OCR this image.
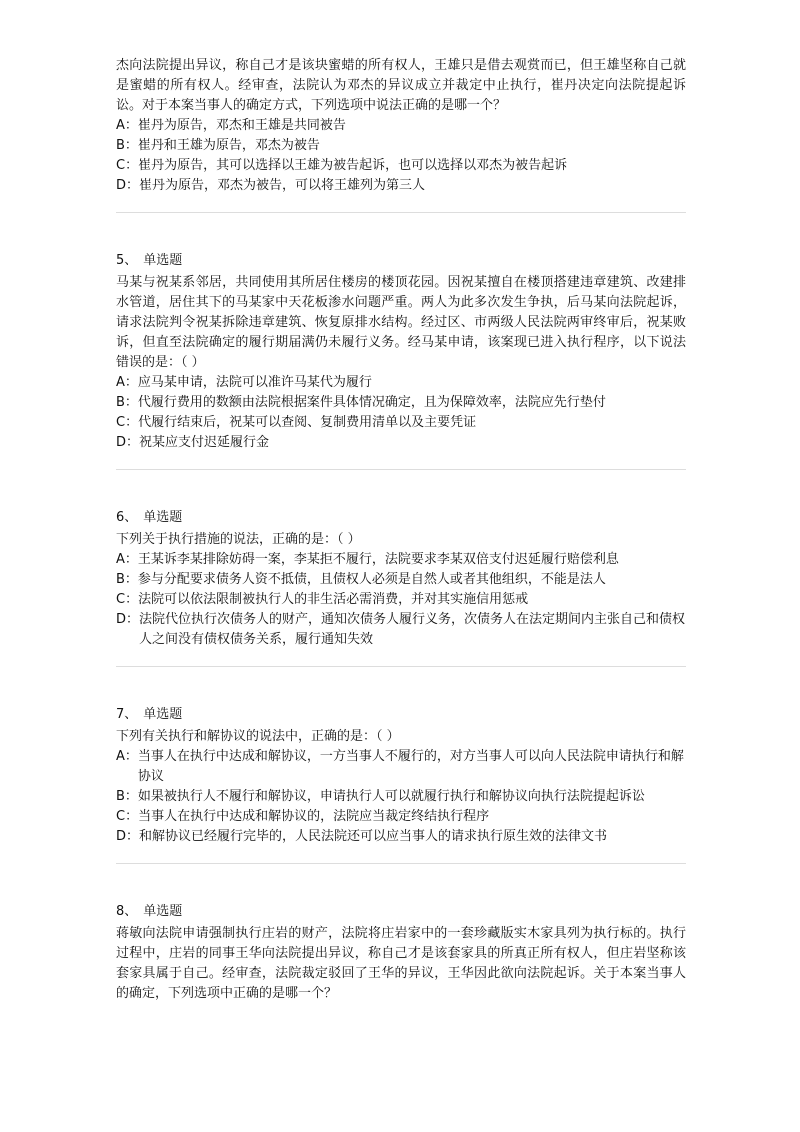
杰向法院提出异议，称自己才是该块蜜蜡的所有权人，王雄只是借去观赏而已，但王雄坚称自己就是蜜蜡的所有权人。经审查，法院认为邓杰的异议成立并裁定中止执行，崔丹决定向法院提起诉讼。对于本案当事人的确定方式，下列选项中说法正确的是哪一个？

A： 崔丹为原告，邓杰和王雄是共同被告
B： 崔丹和王雄为原告，邓杰为被告
C： 崔丹为原告，其可以选择以王雄为被告起诉，也可以选择以邓杰为被告起诉
D： 崔丹为原告，邓杰为被告，可以将王雄列为第三人

5、 单选题

马某与祝某系邻居，共同使用其所居住楼房的楼顶花园。因祝某擅自在楼顶搭建违章建筑、改建排水管道，居住其下的马某家中天花板渗水问题严重。两人为此多次发生争执，后马某向法院起诉，请求法院判令祝某拆除违章建筑、恢复原排水结构。经过区、市两级人民法院两审终审后，祝某败诉，但直至法院确定的履行期届满仍未履行义务。经马某申请，该案现已进入执行程序，以下说法错误的是：（ ）

A： 应马某申请，法院可以准许马某代为履行
B： 代履行费用的数额由法院根据案件具体情况确定，且为保障效率，法院应先行垫付
C： 代履行结束后，祝某可以查阅、复制费用清单以及主要凭证
D： 祝某应支付迟延履行金

6、 单选题

下列关于执行措施的说法，正确的是：（ ）

A： 王某诉李某排除妨碍一案，李某拒不履行，法院要求李某双倍支付迟延履行赔偿利息
B： 参与分配要求债务人资不抵债，且债权人必须是自然人或者其他组织，不能是法人
C： 法院可以依法限制被执行人的非生活必需消费，并对其实施信用惩戒
D： 法院代位执行次债务人的财产，通知次债务人履行义务，次债务人在法定期间内主张自己和债权人之间没有债权债务关系，履行通知失效

7、 单选题

下列有关执行和解协议的说法中，正确的是：（ ）

A： 当事人在执行中达成和解协议，一方当事人不履行的，对方当事人可以向人民法院申请执行和解协议
B： 如果被执行人不履行和解协议，申请执行人可以就履行执行和解协议向执行法院提起诉讼
C： 当事人在执行中达成和解协议的，法院应当裁定终结执行程序
D： 和解协议已经履行完毕的，人民法院还可以应当事人的请求执行原生效的法律文书

8、 单选题

蒋敏向法院申请强制执行庄岩的财产，法院将庄岩家中的一套珍藏版实木家具列为执行标的。执行过程中，庄岩的同事王华向法院提出异议，称自己才是该套家具的所真正所有权人，但庄岩坚称该套家具属于自己。经审查，法院裁定驳回了王华的异议，王华因此欲向法院起诉。关于本案当事人的确定，下列选项中正确的是哪一个？
